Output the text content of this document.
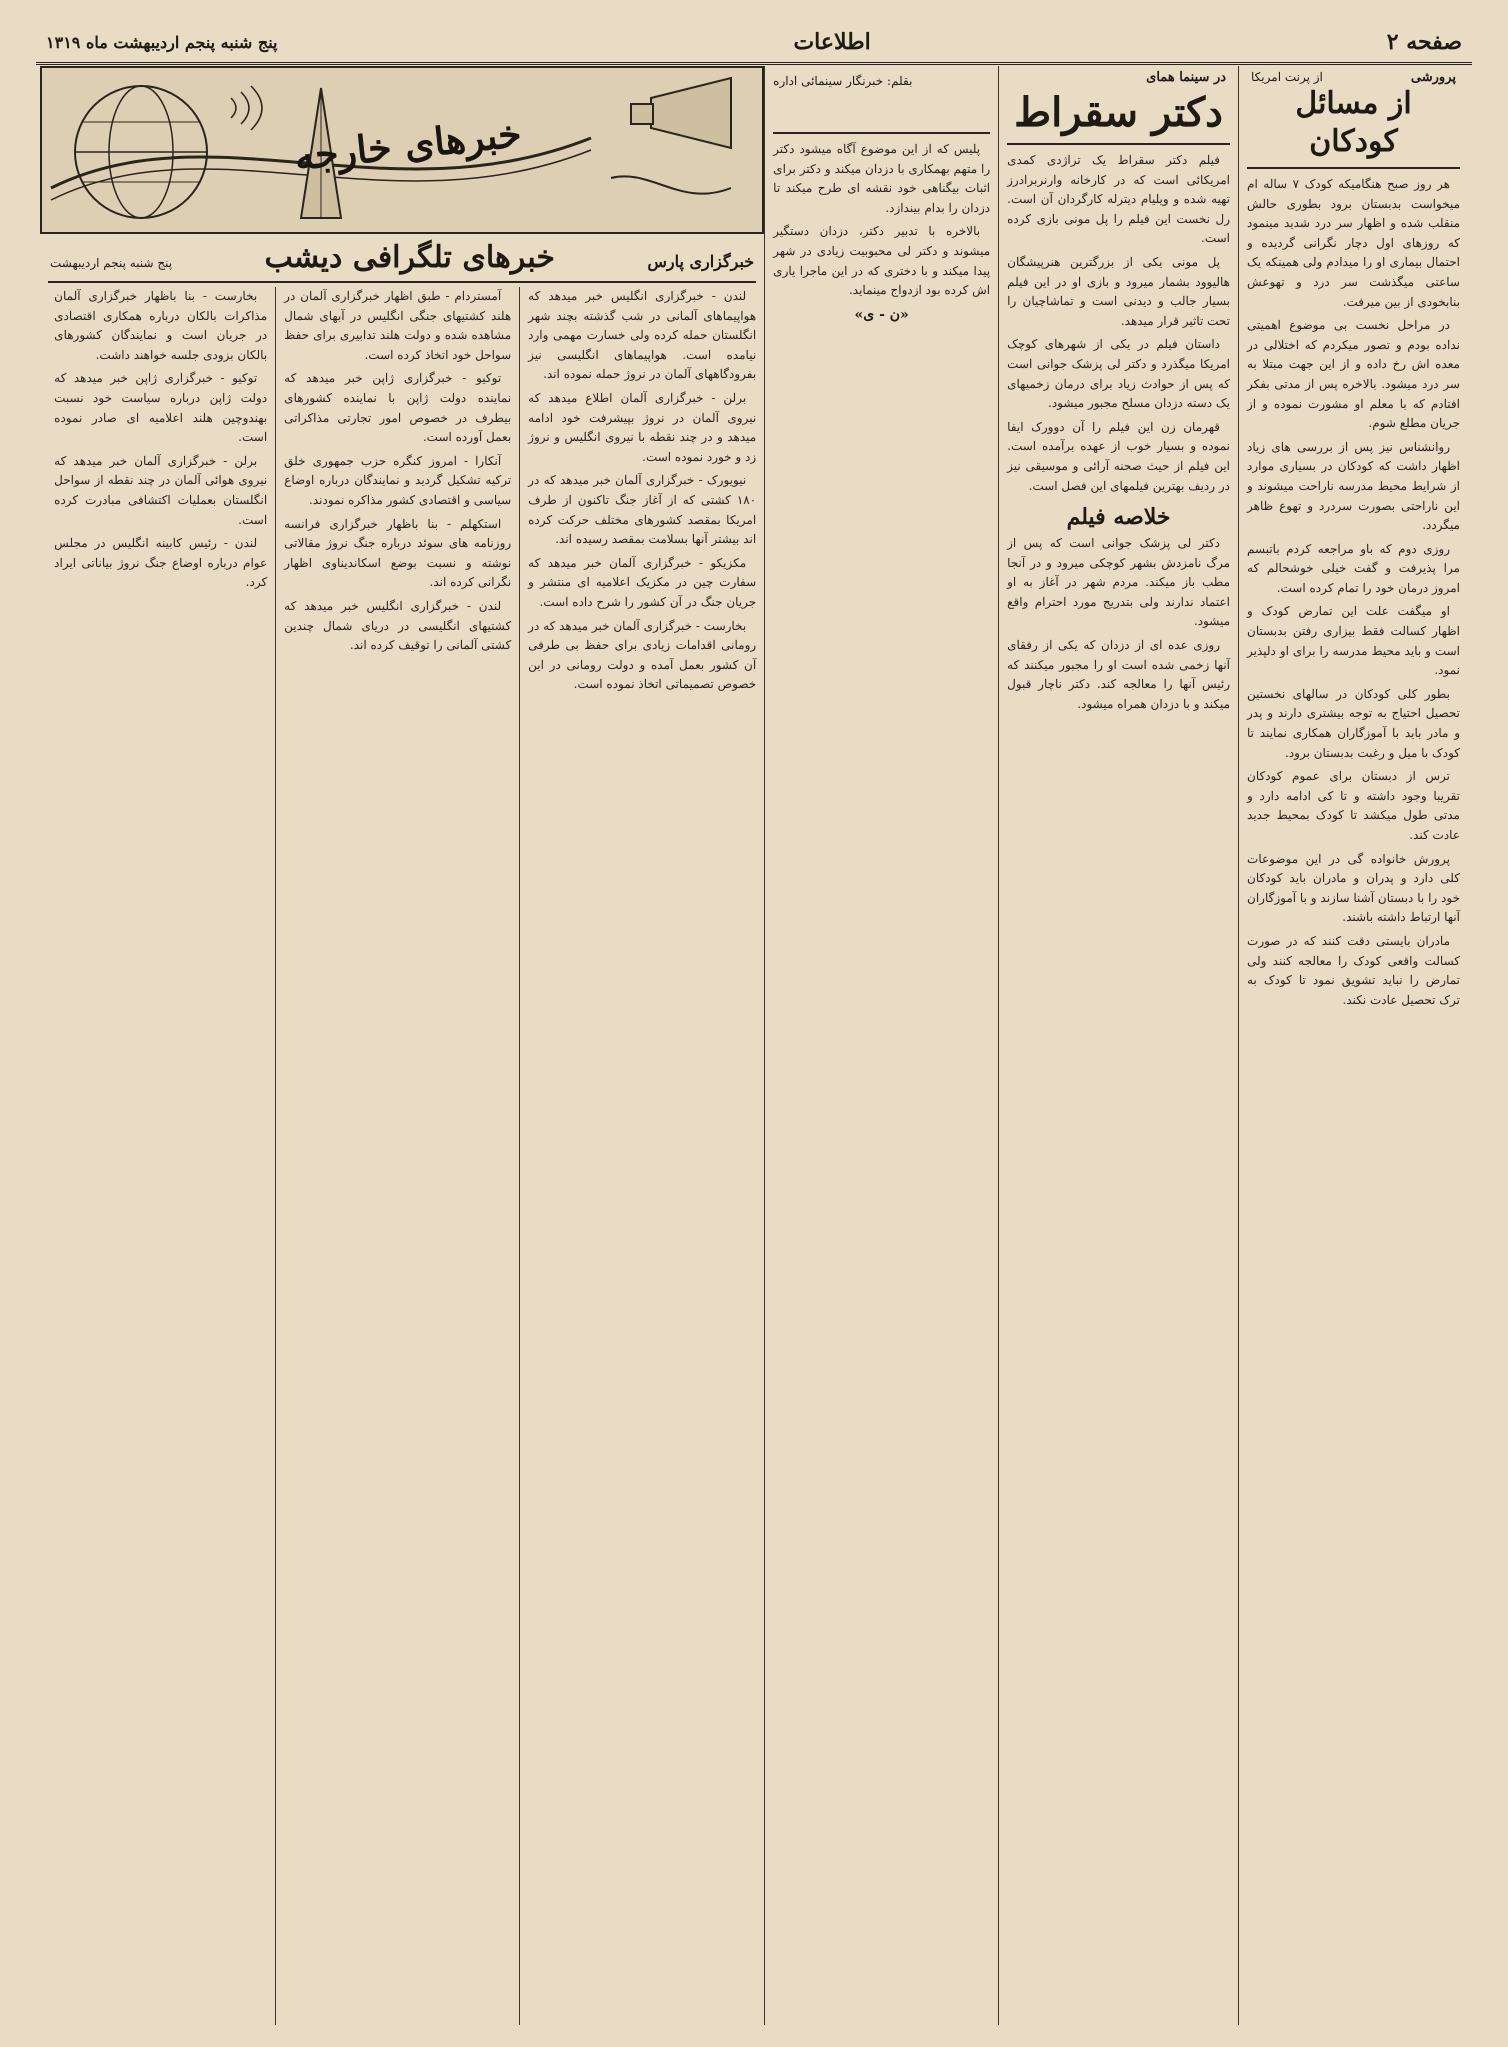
صفحه ۲
اطلاعات
پنج شنبه پنجم اردیبهشت ماه ۱۳۱۹
پرورشی
از پرنت امریکا
از مسائل کودکان

هر روز صبح هنگامیکه کودک ۷ ساله ام میخواست بدبستان برود بطوری حالش منقلب شده و اظهار سر درد شدید مینمود که روزهای اول دچار نگرانی گردیده و احتمال بیماری او را میدادم ولی همینکه یک ساعتی میگذشت سر درد و تهوعش بنابخودی از بین میرفت.

در مراحل نخست بی موضوع اهمیتی نداده بودم و تصور میکردم که اختلالی در معده اش رخ داده و از این جهت مبتلا به سر درد میشود. بالاخره پس از مدتی بفکر افتادم که با معلم او مشورت نموده و از جریان مطلع شوم.

روانشناس نیز پس از بررسی های زیاد اظهار داشت که کودکان در بسیاری موارد از شرایط محیط مدرسه ناراحت میشوند و این ناراحتی بصورت سردرد و تهوع ظاهر میگردد.

روزی دوم که باو مراجعه کردم باتبسم مرا پذیرفت و گفت خیلی خوشحالم که امروز درمان خود را تمام کرده است.

او میگفت علت این تمارض کودک و اظهار کسالت فقط بیزاری رفتن بدبستان است و باید محیط مدرسه را برای او دلپذیر نمود.

بطور کلی کودکان در سالهای نخستین تحصیل احتیاج به توجه بیشتری دارند و پدر و مادر باید با آموزگاران همکاری نمایند تا کودک با میل و رغبت بدبستان برود.

ترس از دبستان برای عموم کودکان تقریبا وجود داشته و تا کی ادامه دارد و مدتی طول میکشد تا کودک بمحیط جدید عادت کند.

پرورش خانواده گی در این موضوعات کلی دارد و پدران و مادران باید کودکان خود را با دبستان آشنا سازند و با آموزگاران آنها ارتباط داشته باشند.

مادران بایستی دقت کنند که در صورت کسالت واقعی کودک را معالجه کنند ولی تمارض را نباید تشویق نمود تا کودک به ترک تحصیل عادت نکند.

در سینما همای
دکتر سقراط

فیلم دکتر سقراط یک تراژدی کمدی امریکائی است که در کارخانه وارنربرادرز تهیه شده و ویلیام دیترله کارگردان آن است. رل نخست این فیلم را پل مونی بازی کرده است.

پل مونی یکی از بزرگترین هنرپیشگان هالیوود بشمار میرود و بازی او در این فیلم بسیار جالب و دیدنی است و تماشاچیان را تحت تاثیر قرار میدهد.

داستان فیلم در یکی از شهرهای کوچک امریکا میگذرد و دکتر لی پزشک جوانی است که پس از حوادث زیاد برای درمان زخمیهای یک دسته دزدان مسلح مجبور میشود.

قهرمان زن این فیلم را آن دوورک ایفا نموده و بسیار خوب از عهده برآمده است. این فیلم از حیث صحنه آرائی و موسیقی نیز در ردیف بهترین فیلمهای این فصل است.

خلاصه فیلم

دکتر لی پزشک جوانی است که پس از مرگ نامزدش بشهر کوچکی میرود و در آنجا مطب باز میکند. مردم شهر در آغاز به او اعتماد ندارند ولی بتدریج مورد احترام واقع میشود.

روزی عده ای از دزدان که یکی از رفقای آنها زخمی شده است او را مجبور میکنند که رئیس آنها را معالجه کند. دکتر ناچار قبول میکند و با دزدان همراه میشود.

بقلم: خبرنگار سینمائی اداره

پلیس که از این موضوع آگاه میشود دکتر را متهم بهمکاری با دزدان میکند و دکتر برای اثبات بیگناهی خود نقشه ای طرح میکند تا دزدان را بدام بیندازد.

بالاخره با تدبیر دکتر، دزدان دستگیر میشوند و دکتر لی محبوبیت زیادی در شهر پیدا میکند و با دختری که در این ماجرا یاری اش کرده بود ازدواج مینماید.

«ن - ی»
خبرهای خارجه
خبرگزاری پارس
خبرهای تلگرافی دیشب
پنج شنبه پنجم اردیبهشت

لندن - خبرگزاری انگلیس خبر میدهد که هواپیماهای آلمانی در شب گذشته بچند شهر انگلستان حمله کرده ولی خسارت مهمی وارد نیامده است. هواپیماهای انگلیسی نیز بفرودگاههای آلمان در نروژ حمله نموده اند.

برلن - خبرگزاری آلمان اطلاع میدهد که نیروی آلمان در نروژ بپیشرفت خود ادامه میدهد و در چند نقطه با نیروی انگلیس و نروژ زد و خورد نموده است.

نیویورک - خبرگزاری آلمان خبر میدهد که در ۱۸۰ کشتی که از آغاز جنگ تاکنون از طرف امریکا بمقصد کشورهای مختلف حرکت کرده اند بیشتر آنها بسلامت بمقصد رسیده اند.

مکزیکو - خبرگزاری آلمان خبر میدهد که سفارت چین در مکزیک اعلامیه ای منتشر و جریان جنگ در آن کشور را شرح داده است.

بخارست - خبرگزاری آلمان خبر میدهد که در رومانی اقدامات زیادی برای حفظ بی طرفی آن کشور بعمل آمده و دولت رومانی در این خصوص تصمیماتی اتخاذ نموده است.

آمستردام - طبق اظهار خبرگزاری آلمان در هلند کشتیهای جنگی انگلیس در آبهای شمال مشاهده شده و دولت هلند تدابیری برای حفظ سواحل خود اتخاذ کرده است.

توکیو - خبرگزاری ژاپن خبر میدهد که نماینده دولت ژاپن با نماینده کشورهای بیطرف در خصوص امور تجارتی مذاکراتی بعمل آورده است.

آنکارا - امروز کنگره حزب جمهوری خلق ترکیه تشکیل گردید و نمایندگان درباره اوضاع سیاسی و اقتصادی کشور مذاکره نمودند.

استکهلم - بنا باظهار خبرگزاری فرانسه روزنامه های سوئد درباره جنگ نروژ مقالاتی نوشته و نسبت بوضع اسکاندیناوی اظهار نگرانی کرده اند.

لندن - خبرگزاری انگلیس خبر میدهد که کشتیهای انگلیسی در دریای شمال چندین کشتی آلمانی را توقیف کرده اند.

بخارست - بنا باظهار خبرگزاری آلمان مذاکرات بالکان درباره همکاری اقتصادی در جریان است و نمایندگان کشورهای بالکان بزودی جلسه خواهند داشت.

توکیو - خبرگزاری ژاپن خبر میدهد که دولت ژاپن درباره سیاست خود نسبت بهندوچین هلند اعلامیه ای صادر نموده است.

برلن - خبرگزاری آلمان خبر میدهد که نیروی هوائی آلمان در چند نقطه از سواحل انگلستان بعملیات اکتشافی مبادرت کرده است.

لندن - رئیس کابینه انگلیس در مجلس عوام درباره اوضاع جنگ نروژ بیاناتی ایراد کرد.
